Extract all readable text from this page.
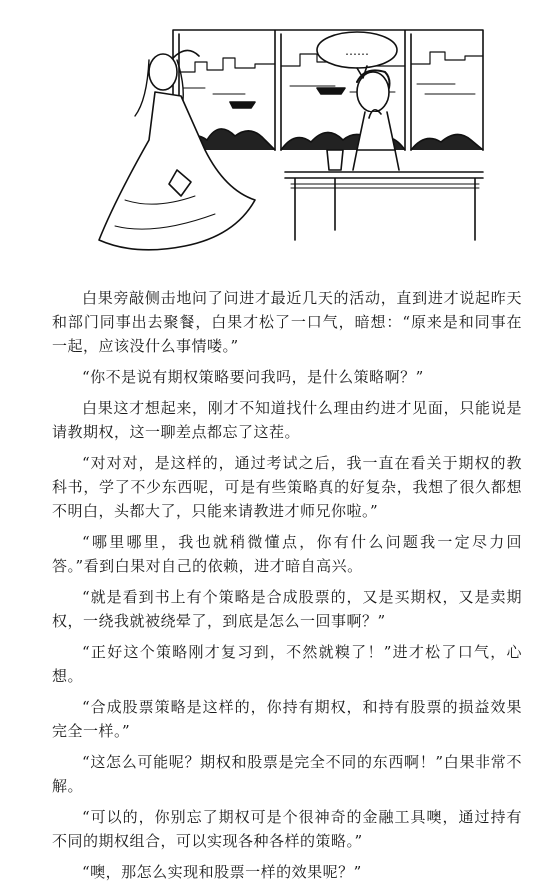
……

白果旁敲侧击地问了问进才最近几天的活动，直到进才说起昨天和部门同事出去聚餐，白果才松了一口气，暗想：“原来是和同事在一起，应该没什么事情喽。”

“你不是说有期权策略要问我吗，是什么策略啊？”

白果这才想起来，刚才不知道找什么理由约进才见面，只能说是请教期权，这一聊差点都忘了这茬。

“对对对，是这样的，通过考试之后，我一直在看关于期权的教科书，学了不少东西呢，可是有些策略真的好复杂，我想了很久都想不明白，头都大了，只能来请教进才师兄你啦。”

“哪里哪里，我也就稍微懂点，你有什么问题我一定尽力回答。”看到白果对自己的依赖，进才暗自高兴。

“就是看到书上有个策略是合成股票的，又是买期权，又是卖期权，一绕我就被绕晕了，到底是怎么一回事啊？”

“正好这个策略刚才复习到，不然就糗了！”进才松了口气，心想。

“合成股票策略是这样的，你持有期权，和持有股票的损益效果完全一样。”

“这怎么可能呢？期权和股票是完全不同的东西啊！”白果非常不解。

“可以的，你别忘了期权可是个很神奇的金融工具噢，通过持有不同的期权组合，可以实现各种各样的策略。”

“噢，那怎么实现和股票一样的效果呢？”
